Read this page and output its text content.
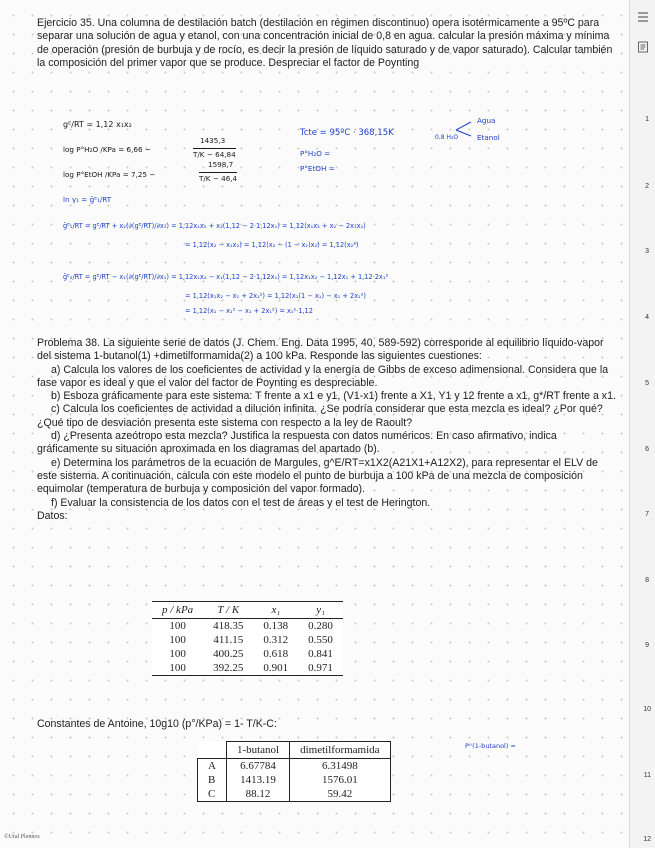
Ejercicio 35. Una columna de destilación batch (destilación en régimen discontinuo) opera isotérmicamente a 95ºC para separar una solución de agua y etanol, con una concentración inicial de 0,8 en agua. calcular la presión máxima y mínima de operación (presión de burbuja y de rocío, es decir la presión de líquido saturado y de vapor saturado). Calcular también la composición del primer vapor que se produce. Despreciar el factor de Poynting
gᴱ/RT = 1,12 x₁x₂
log P°H₂O /KPa = 6,66 −
1435,3
T/K − 64,84
log P°EtOH /KPa = 7,25 −
1598,7
T/K − 46,4
Tcte = 95ºC · 368,15K	0,8 H₂O
Agua
Etanol
P°H₂O =
P°EtOH =
ln γ₁ = ḡᴱ₁/RT
ḡᴱ₁/RT = gᴱ/RT + x₂(∂(gᴱ/RT)/∂x₁) = 1,12x₁x₂ + x₂(1,12 − 2·1,12x₁) = 1,12(x₁x₂ + x₂ − 2x₁x₂)
= 1,12(x₂ − x₁x₂) = 1,12(x₂ − (1 − x₂)x₂) = 1,12(x₂²)
ḡᴱ₂/RT = gᴱ/RT − x₁(∂(gᴱ/RT)/∂x₁) = 1,12x₁x₂ − x₁(1,12 − 2·1,12x₁) = 1,12x₁x₂ − 1,12x₁ + 1,12·2x₁²
= 1,12(x₁x₂ − x₁ + 2x₁²) = 1,12(x₁(1 − x₁) − x₁ + 2x₁²)
= 1,12(x₁ − x₁² − x₁ + 2x₁²) = x₁²·1,12
Problema 38. La siguiente serie de datos (J. Chem. Eng. Data 1995, 40, 589-592) corresponde al equilibrio líquido-vapor del sistema 1-butanol(1) +dimetilformamida(2) a 100 kPa. Responde las siguientes cuestiones:
a) Calcula los valores de los coeficientes de actividad y la energía de Gibbs de exceso adimensional. Considera que la fase vapor es ideal y que el valor del factor de Poynting es despreciable.
b) Esboza gráficamente para este sistema: T frente a x1 e y1, (V1-x1) frente a X1, Y1 y 12 frente a x1, g*/RT frente a x1.
c) Calcula los coeficientes de actividad a dilución infinita. ¿Se podría considerar que esta mezcla es ideal? ¿Por qué? ¿Qué tipo de desviación presenta este sistema con respecto a la ley de Raoult?
d) ¿Presenta azeótropo esta mezcla? Justifica la respuesta con datos numéricos. En caso afirmativo, indica gráficamente su situación aproximada en los diagramas del apartado (b).
e) Determina los parámetros de la ecuación de Margules, g^E/RT=x1X2(A21X1+A12X2), para representar el ELV de este sistema. A continuación, calcula con este modelo el punto de burbuja a 100 kPa de una mezcla de composición equimolar (temperatura de burbuja y composición del vapor formado).
f) Evaluar la consistencia de los datos con el test de áreas y el test de Herington.
Datos:
p / kPa	T / K	x₁	y₁
100	418.35	0.138	0.280
100	411.15	0.312	0.550
100	400.25	0.618	0.841
100	392.25	0.901	0.971
Constantes de Antoine, 10g10 (p°/KPa) = 1- T/K-C:
	1-butanol	dimetilformamida
A	6.67784	6.31498
B	1413.19	1576.01
C	88.12	59.42
P°(1-butanol) =
©Ural Plennos
1
2
3
4
5
6
7
8
9
10
11
12
